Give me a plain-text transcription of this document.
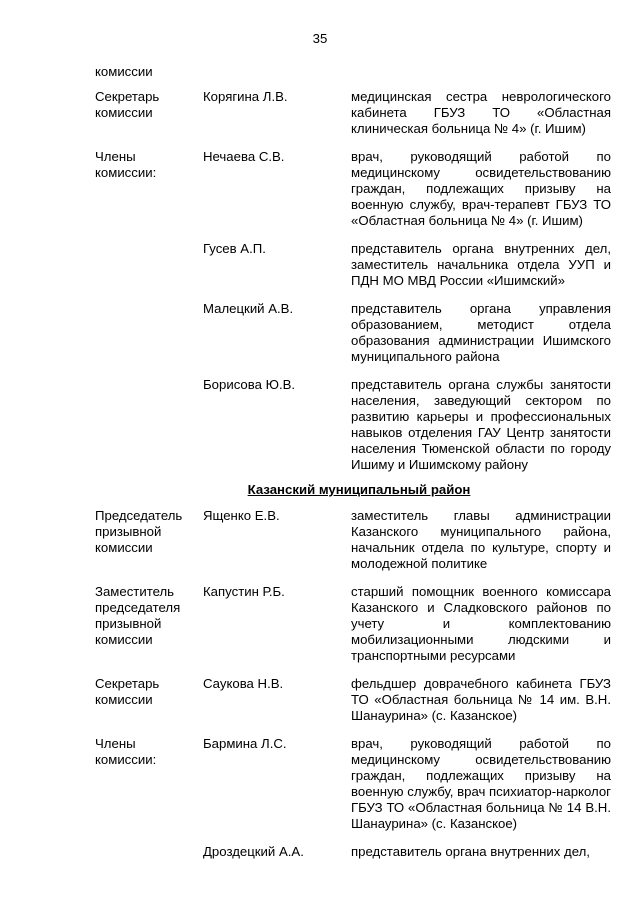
35
комиссии
Секретарь
комиссии
Корягина Л.В.	медицинская сестра неврологического кабинета ГБУЗ ТО «Областная клиническая больница № 4» (г. Ишим)
Члены
комиссии:
Нечаева С.В.	врач, руководящий работой по медицинскому освидетельствованию граждан, подлежащих призыву на военную службу, врач-терапевт ГБУЗ ТО «Областная больница № 4» (г. Ишим)
Гусев А.П.	представитель органа внутренних дел, заместитель начальника отдела УУП и ПДН МО МВД России «Ишимский»
Малецкий А.В.	представитель органа управления образованием, методист отдела образования администрации Ишимского муниципального района
Борисова Ю.В.	представитель органа службы занятости населения, заведующий сектором по развитию карьеры и профессиональных навыков отделения ГАУ Центр занятости населения Тюменской области по городу Ишиму и Ишимскому району
Казанский муниципальный район
Председатель
призывной
комиссии
Ященко Е.В.	заместитель главы администрации Казанского муниципального района, начальник отдела по культуре, спорту и молодежной политике
Заместитель
председателя
призывной
комиссии
Капустин Р.Б.	старший помощник военного комиссара Казанского и Сладковского районов по учету и комплектованию мобилизационными людскими и транспортными ресурсами
Секретарь
комиссии
Саукова Н.В.	фельдшер доврачебного кабинета ГБУЗ ТО «Областная больница № 14 им. В.Н. Шанаурина» (с. Казанское)
Члены
комиссии:
Бармина Л.С.	врач, руководящий работой по медицинскому освидетельствованию граждан, подлежащих призыву на военную службу, врач психиатор-нарколог ГБУЗ ТО «Областная больница № 14 В.Н. Шанаурина» (с. Казанское)
Дроздецкий А.А.	представитель органа внутренних дел,
